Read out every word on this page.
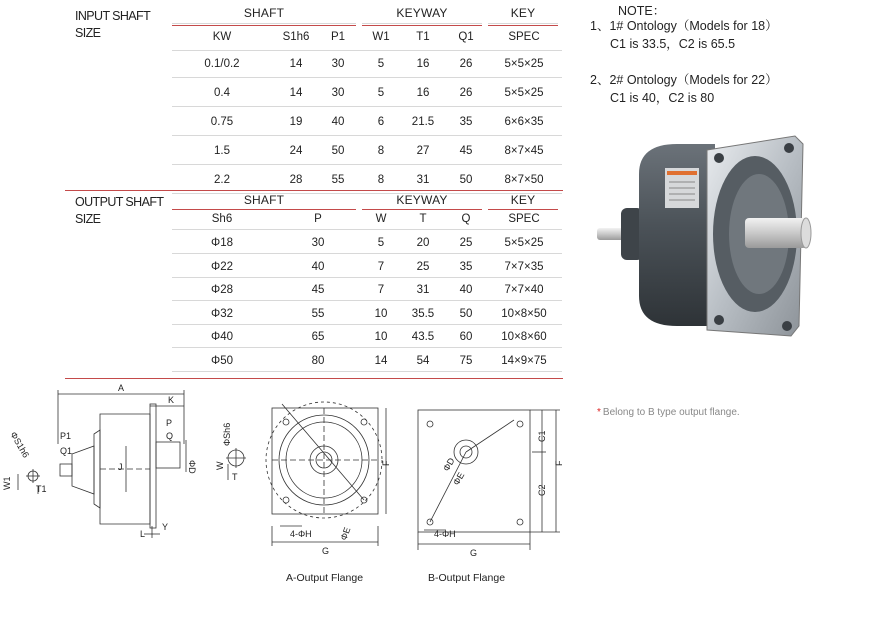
INPUT SHAFT
SIZE
SHAFT	KEYWAY	KEY
KW	S1h6	P1	W1	T1	Q1	SPEC
0.1/0.2	14	30	5	16	26	5×5×25
0.4	14	30	5	16	26	5×5×25
0.75	19	40	6	21.5	35	6×6×35
1.5	24	50	8	27	45	8×7×45
2.2	28	55	8	31	50	8×7×50
OUTPUT SHAFT
SIZE
SHAFT	KEYWAY	KEY
Sh6	P	W	T	Q	SPEC
Φ18	30	5	20	25	5×5×25
Φ22	40	7	25	35	7×7×35
Φ28	45	7	31	40	7×7×40
Φ32	55	10	35.5	50	10×8×50
Φ40	65	10	43.5	60	10×8×60
Φ50	80	14	54	75	14×9×75
NOTE：
1、1# Ontology（Models for 18）
C1 is 33.5，C2 is 65.5
2、2# Ontology（Models for 22）
C1 is 40，C2 is 80
* Belong to B type output flange.
A
K
P
Q
ΦD
J
L
Y
P1
Q1
W1	T1
ΦS1h6
W
T
ΦSh6
F
G
4-ΦH	ΦE
A-Output Flange
C1
C2
F
G
4-ΦH
ΦD
ΦE
B-Output Flange
